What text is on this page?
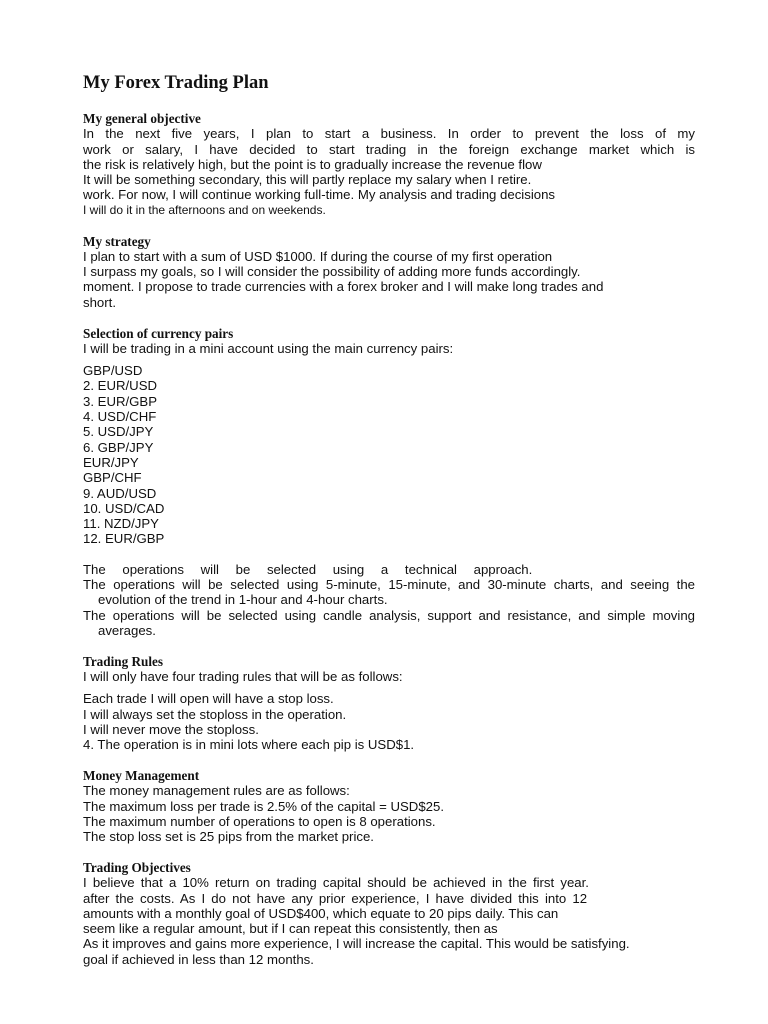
My Forex Trading Plan
My general objective
In the next five years, I plan to start a business. In order to prevent the loss of my
work or salary, I have decided to start trading in the foreign exchange market which is
the risk is relatively high, but the point is to gradually increase the revenue flow
It will be something secondary, this will partly replace my salary when I retire.
work. For now, I will continue working full-time. My analysis and trading decisions
I will do it in the afternoons and on weekends.
My strategy
I plan to start with a sum of USD $1000. If during the course of my first operation
I surpass my goals, so I will consider the possibility of adding more funds accordingly.
moment. I propose to trade currencies with a forex broker and I will make long trades and
short.
Selection of currency pairs
I will be trading in a mini account using the main currency pairs:
GBP/USD
2. EUR/USD
3. EUR/GBP
4. USD/CHF
5. USD/JPY
6. GBP/JPY
EUR/JPY
GBP/CHF
9. AUD/USD
10. USD/CAD
11. NZD/JPY
12. EUR/GBP
The operations will be selected using a technical approach.
The operations will be selected using 5-minute, 15-minute, and 30-minute charts, and seeing the evolution of the trend in 1-hour and 4-hour charts.
The operations will be selected using candle analysis, support and resistance, and simple moving averages.
Trading Rules
I will only have four trading rules that will be as follows:
Each trade I will open will have a stop loss.
I will always set the stoploss in the operation.
I will never move the stoploss.
4. The operation is in mini lots where each pip is USD$1.
Money Management
The money management rules are as follows:
The maximum loss per trade is 2.5% of the capital = USD$25.
The maximum number of operations to open is 8 operations.
The stop loss set is 25 pips from the market price.
Trading Objectives
I believe that a 10% return on trading capital should be achieved in the first year.
after the costs. As I do not have any prior experience, I have divided this into 12
amounts with a monthly goal of USD$400, which equate to 20 pips daily. This can
seem like a regular amount, but if I can repeat this consistently, then as
As it improves and gains more experience, I will increase the capital. This would be satisfying.
goal if achieved in less than 12 months.
